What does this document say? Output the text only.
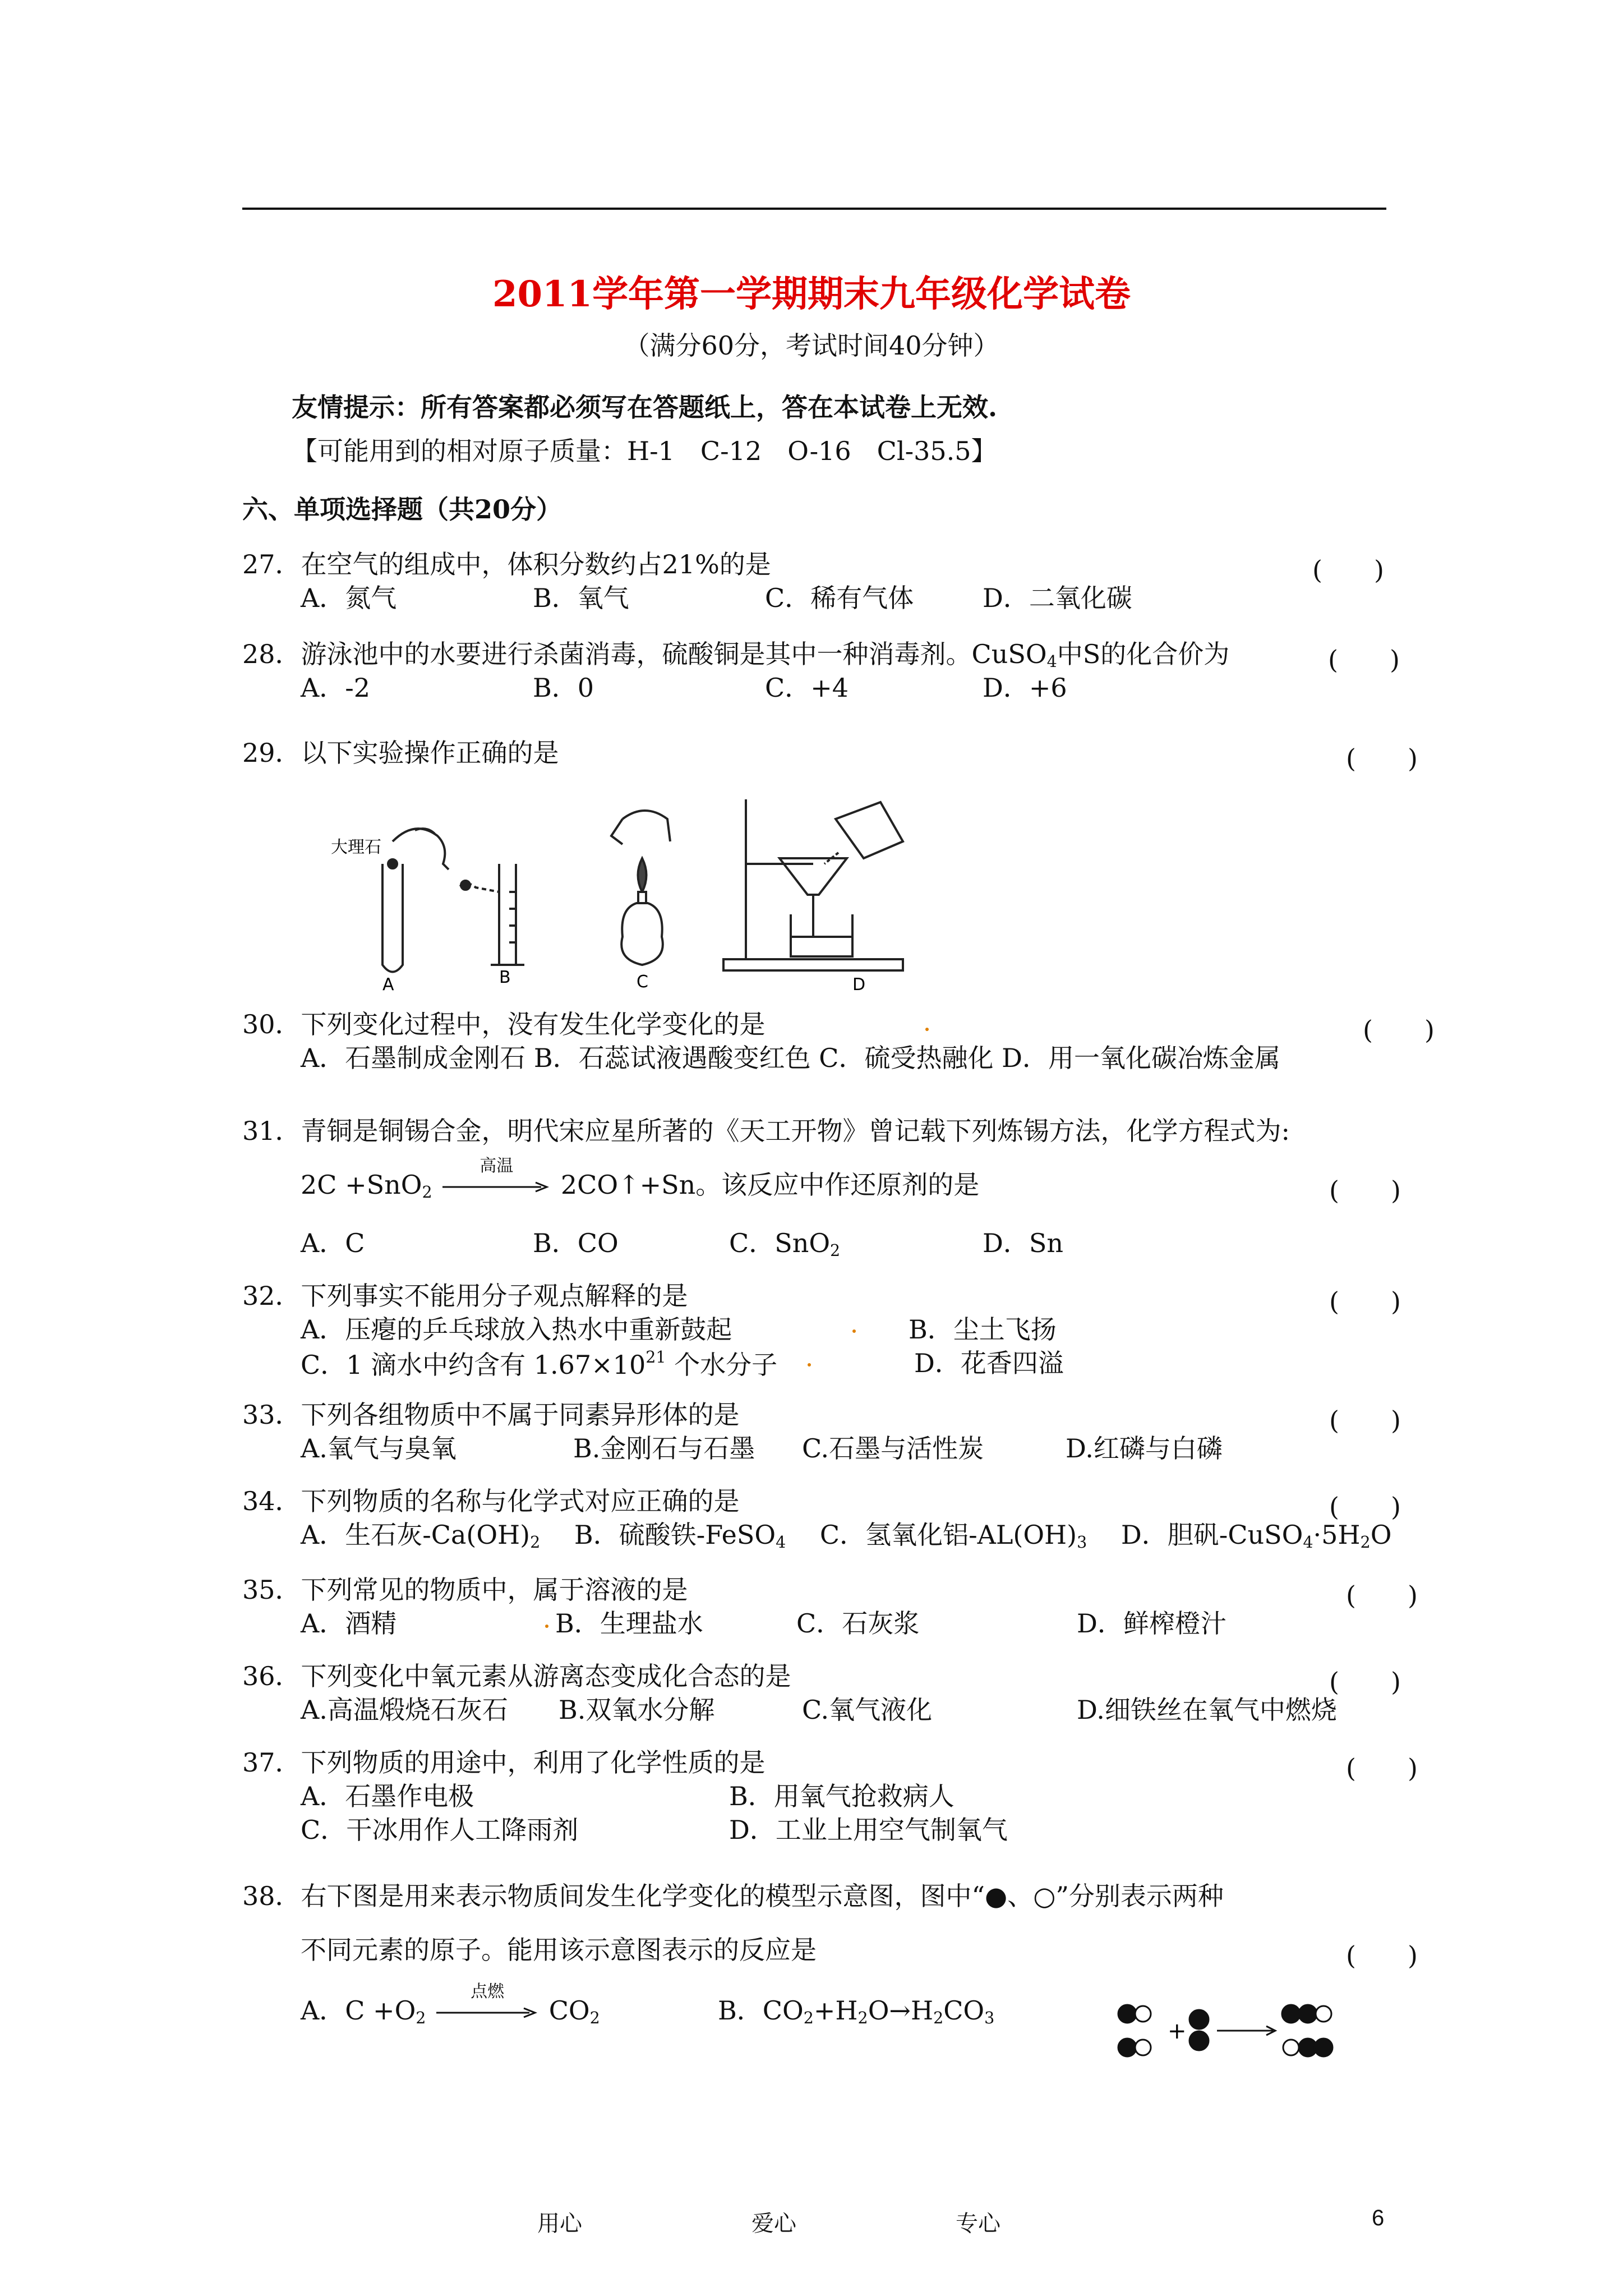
2011学年第一学期期末九年级化学试卷
（满分60分，考试时间40分钟）
友情提示：所有答案都必须写在答题纸上，答在本试卷上无效.
【可能用到的相对原子质量：H-1　C-12　O-16　Cl-35.5】
六、单项选择题（共20分）
27．在空气的组成中，体积分数约占21%的是	(　　)
A．氮气	B．氧气	C．稀有气体	D．二氧化碳
28．游泳池中的水要进行杀菌消毒，硫酸铜是其中一种消毒剂。CuSO$_4$中S的化合价为	(　　)
A．-2	B．0	C．+4	D．+6
29．以下实验操作正确的是	(　　)
大理石
A	B	C	D
30．下列变化过程中，没有发生化学变化的是	(　　)
A．石墨制成金刚石 B．石蕊试液遇酸变红色 C．硫受热融化 D．用一氧化碳冶炼金属
31．青铜是铜锡合金，明代宋应星所著的《天工开物》曾记载下列炼锡方法，化学方程式为:
2C +SnO$_2$
高温
2CO↑+Sn。该反应中作还原剂的是	(　　)
A．C	B．CO	C．SnO$_2$	D．Sn
32．下列事实不能用分子观点解释的是	(　　)
A．压瘪的乒乓球放入热水中重新鼓起	B．尘土飞扬
C．1 滴水中约含有 $1.67\times 10^{21}$ 个水分子	D．花香四溢
33．下列各组物质中不属于同素异形体的是	(　　)
A.氧气与臭氧	B.金刚石与石墨 C.石墨与活性炭	D.红磷与白磷
34．下列物质的名称与化学式对应正确的是	(　　)
A．生石灰$-Ca(OH)_2$　 B．硫酸铁-FeSO$_4$　 C．氢氧化铝$-AL(OH)_3$　 D．胆矾$-CuSO_4\cdot 5H_2O$
35．下列常见的物质中，属于溶液的是	(　　)
A．酒精	B．生理盐水	C．石灰浆	D．鲜榨橙汁
36．下列变化中氧元素从游离态变成化合态的是	(　　)
A.高温煅烧石灰石 B.双氧水分解	C.氧气液化	D.细铁丝在氧气中燃烧
37．下列物质的用途中，利用了化学性质的是	(　　)
A．石墨作电极	B．用氧气抢救病人
C．干冰用作人工降雨剂	D．工业上用空气制氧气
38．右下图是用来表示物质间发生化学变化的模型示意图，图中“●、○”分别表示两种
不同元素的原子。能用该示意图表示的反应是	(　　)
A．$C +O_2$
点燃
$CO_2$	B．$CO_2+H_2O\to H_2CO_3$
+
用心	爱心	专心	6
